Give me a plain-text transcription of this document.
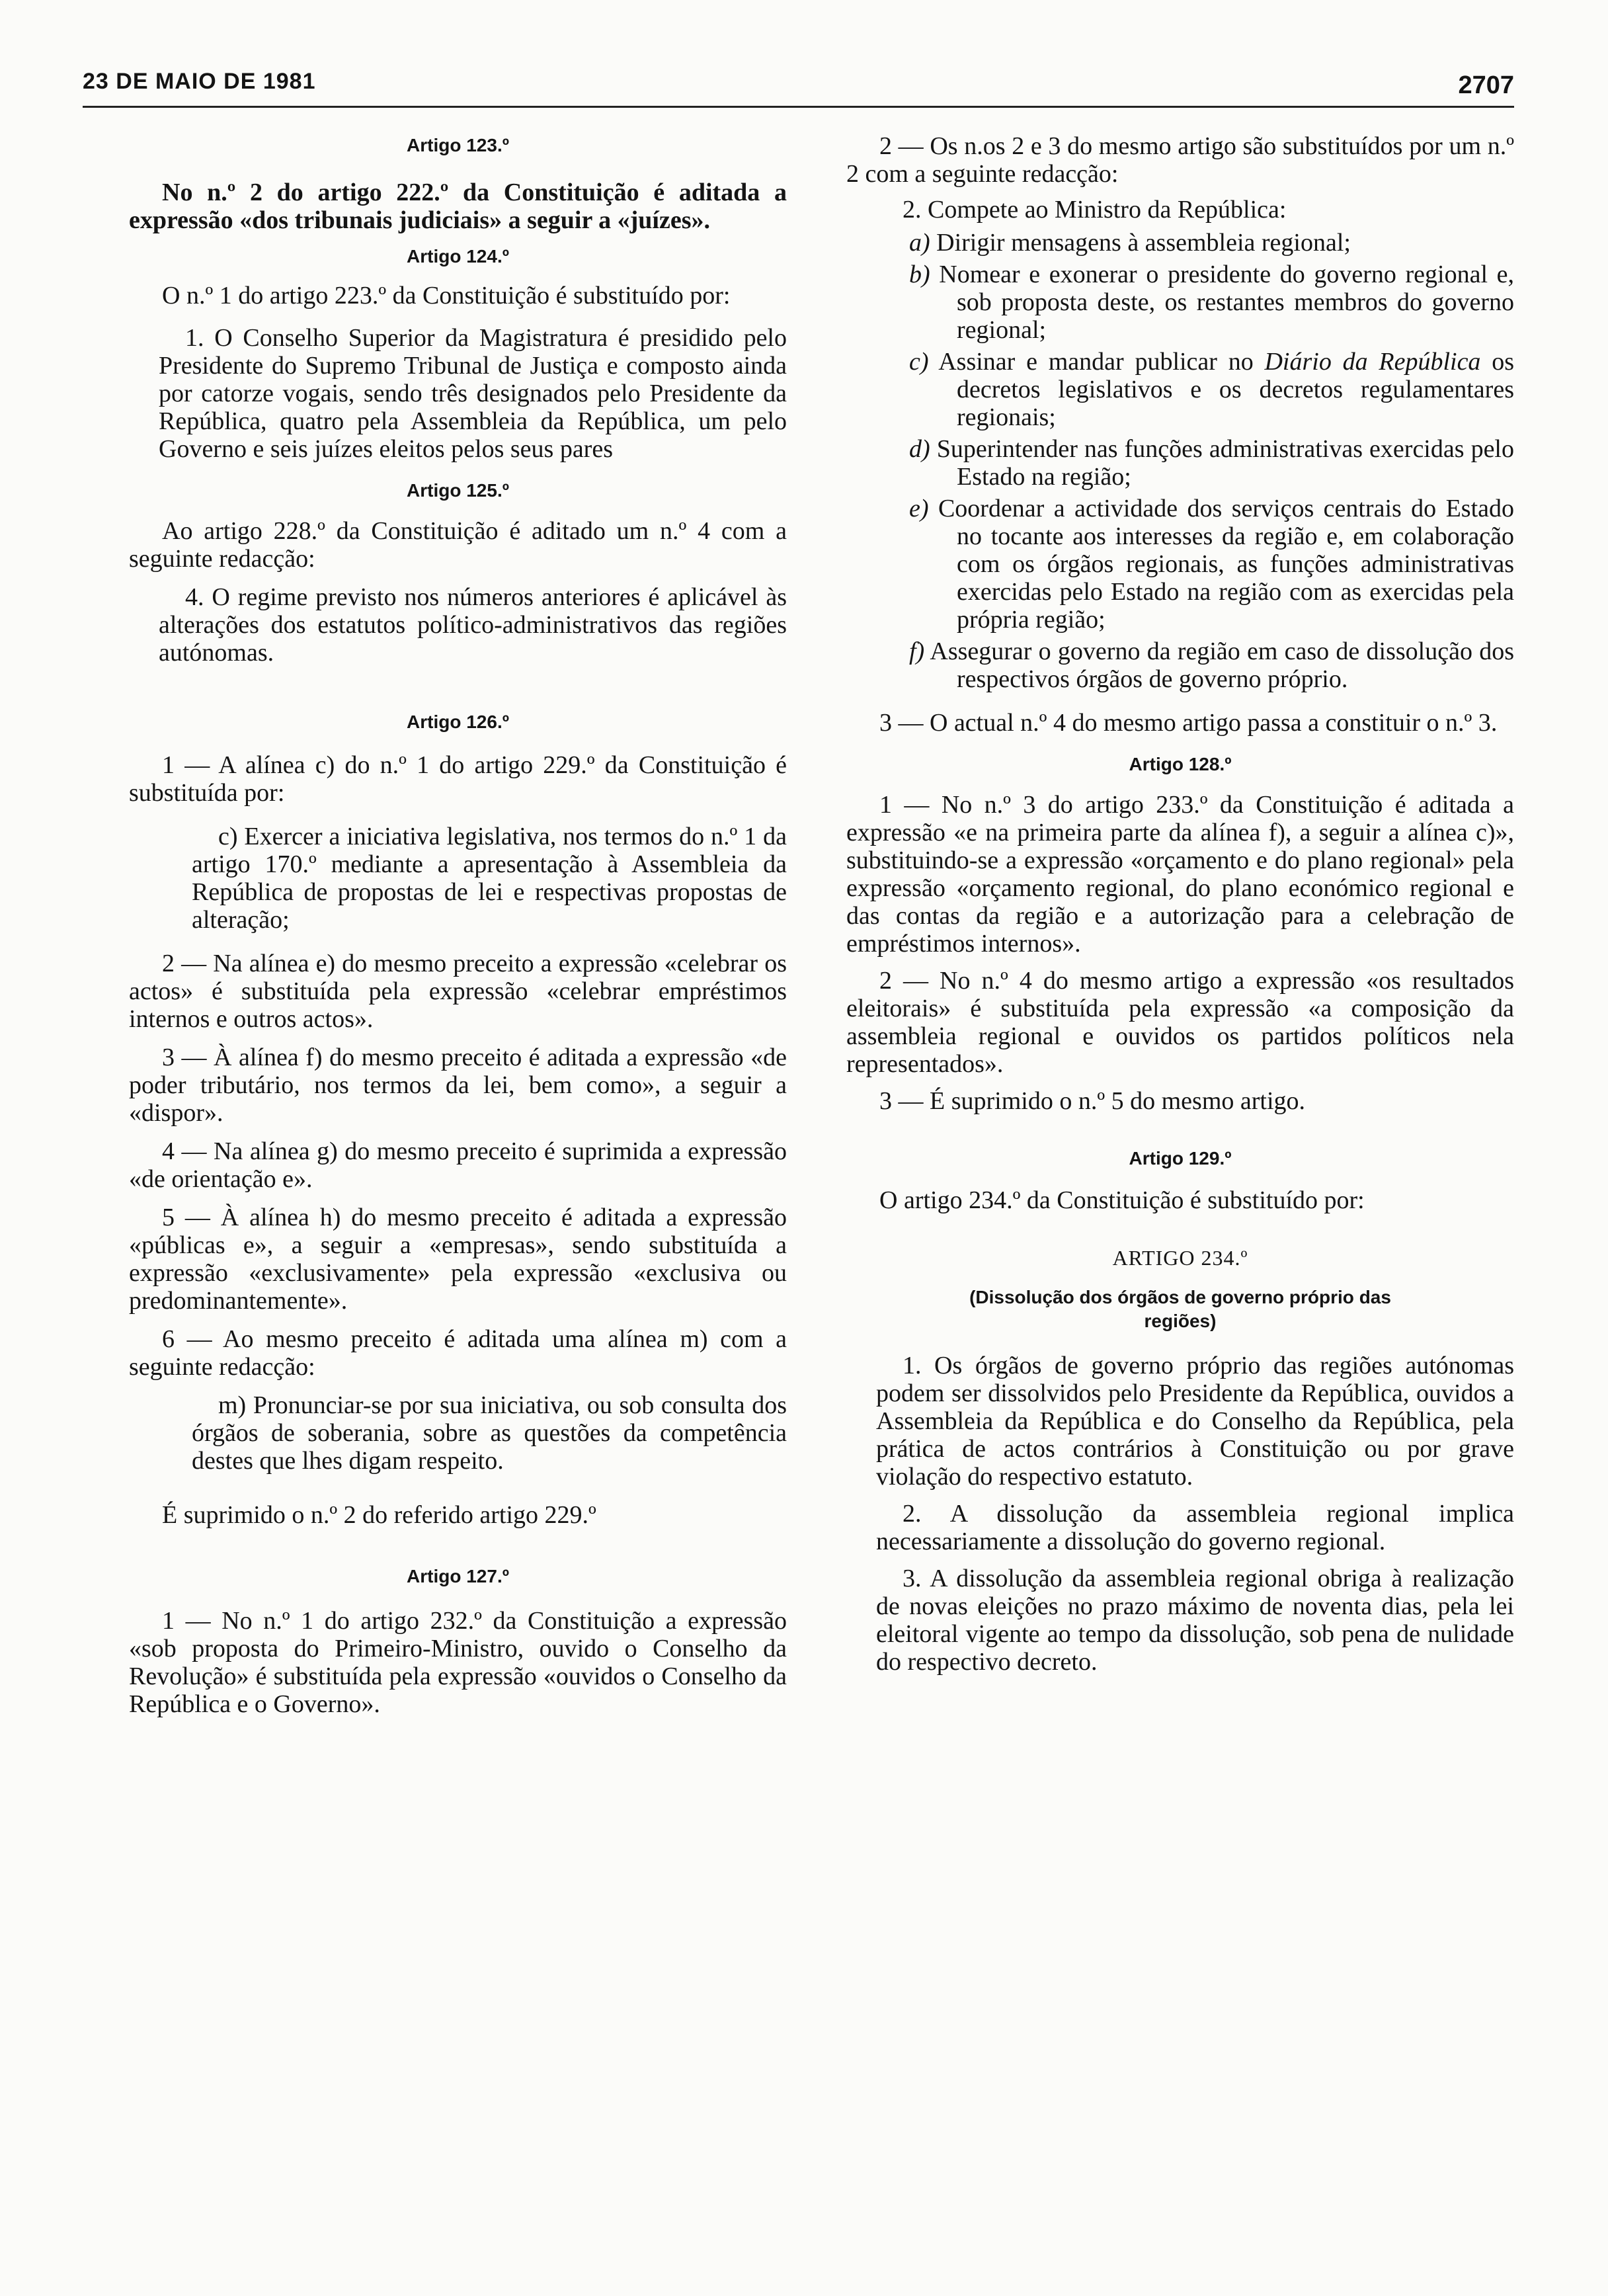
23 DE MAIO DE 1981	2707
Artigo 123.º

No n.º 2 do artigo 222.º da Constituição é aditada a expressão «dos tribunais judiciais» a seguir a «juízes».

Artigo 124.º

O n.º 1 do artigo 223.º da Constituição é substituído por:

1. O Conselho Superior da Magistratura é presidido pelo Presidente do Supremo Tribunal de Justiça e composto ainda por catorze vogais, sendo três designados pelo Presidente da República, quatro pela Assembleia da República, um pelo Governo e seis juízes eleitos pelos seus pares

Artigo 125.º

Ao artigo 228.º da Constituição é aditado um n.º 4 com a seguinte redacção:

4. O regime previsto nos números anteriores é aplicável às alterações dos estatutos político-administrativos das regiões autónomas.

Artigo 126.º

1 — A alínea c) do n.º 1 do artigo 229.º da Constituição é substituída por:

c) Exercer a iniciativa legislativa, nos termos do n.º 1 da artigo 170.º mediante a apresentação à Assembleia da República de propostas de lei e respectivas propostas de alteração;

2 — Na alínea e) do mesmo preceito a expressão «celebrar os actos» é substituída pela expressão «celebrar empréstimos internos e outros actos».

3 — À alínea f) do mesmo preceito é aditada a expressão «de poder tributário, nos termos da lei, bem como», a seguir a «dispor».

4 — Na alínea g) do mesmo preceito é suprimida a expressão «de orientação e».

5 — À alínea h) do mesmo preceito é aditada a expressão «públicas e», a seguir a «empresas», sendo substituída a expressão «exclusivamente» pela expressão «exclusiva ou predominantemente».

6 — Ao mesmo preceito é aditada uma alínea m) com a seguinte redacção:

m) Pronunciar-se por sua iniciativa, ou sob consulta dos órgãos de soberania, sobre as questões da competência destes que lhes digam respeito.

É suprimido o n.º 2 do referido artigo 229.º

Artigo 127.º

1 — No n.º 1 do artigo 232.º da Constituição a expressão «sob proposta do Primeiro-Ministro, ouvido o Conselho da Revolução» é substituída pela expressão «ouvidos o Conselho da República e o Governo».

2 — Os n.os 2 e 3 do mesmo artigo são substituídos por um n.º 2 com a seguinte redacção:

2. Compete ao Ministro da República:

a) Dirigir mensagens à assembleia regional;

b) Nomear e exonerar o presidente do governo regional e, sob proposta deste, os restantes membros do governo regional;

c) Assinar e mandar publicar no Diário da República os decretos legislativos e os decretos regulamentares regionais;

d) Superintender nas funções administrativas exercidas pelo Estado na região;

e) Coordenar a actividade dos serviços centrais do Estado no tocante aos interesses da região e, em colaboração com os órgãos regionais, as funções administrativas exercidas pelo Estado na região com as exercidas pela própria região;

f) Assegurar o governo da região em caso de dissolução dos respectivos órgãos de governo próprio.

3 — O actual n.º 4 do mesmo artigo passa a constituir o n.º 3.

Artigo 128.º

1 — No n.º 3 do artigo 233.º da Constituição é aditada a expressão «e na primeira parte da alínea f), a seguir a alínea c)», substituindo-se a expressão «orçamento e do plano regional» pela expressão «orçamento regional, do plano económico regional e das contas da região e a autorização para a celebração de empréstimos internos».

2 — No n.º 4 do mesmo artigo a expressão «os resultados eleitorais» é substituída pela expressão «a composição da assembleia regional e ouvidos os partidos políticos nela representados».

3 — É suprimido o n.º 5 do mesmo artigo.

Artigo 129.º

O artigo 234.º da Constituição é substituído por:

ARTIGO 234.º

(Dissolução dos órgãos de governo próprio das regiões)

1. Os órgãos de governo próprio das regiões autónomas podem ser dissolvidos pelo Presidente da República, ouvidos a Assembleia da República e do Conselho da República, pela prática de actos contrários à Constituição ou por grave violação do respectivo estatuto.

2. A dissolução da assembleia regional implica necessariamente a dissolução do governo regional.

3. A dissolução da assembleia regional obriga à realização de novas eleições no prazo máximo de noventa dias, pela lei eleitoral vigente ao tempo da dissolução, sob pena de nulidade do respectivo decreto.
